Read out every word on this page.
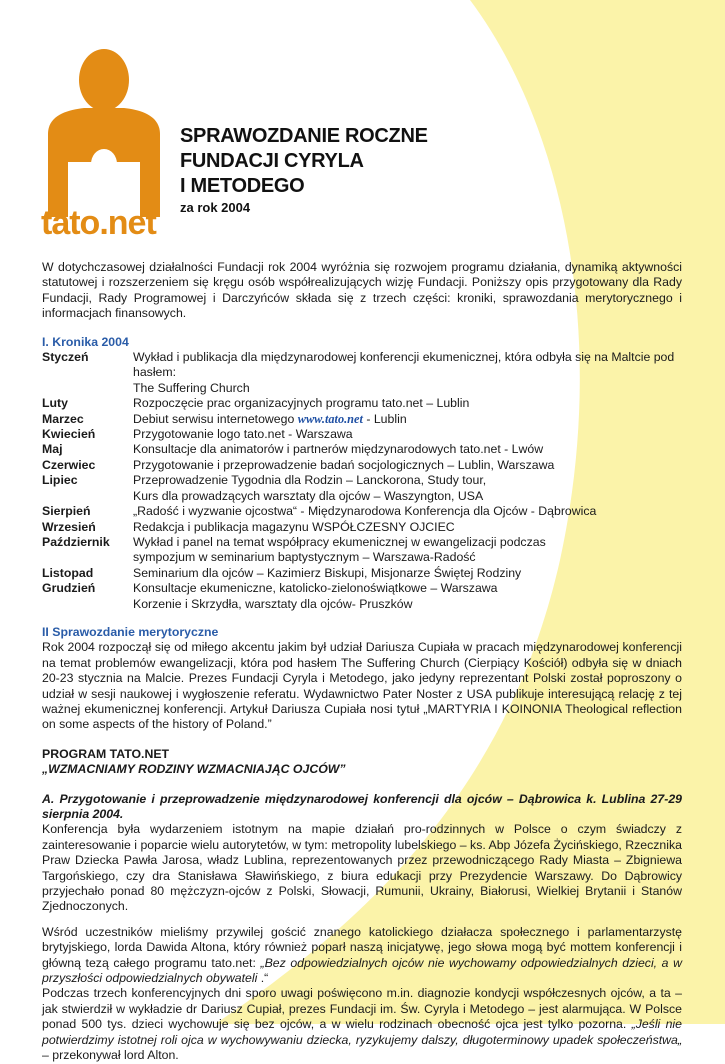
tato.net
SPRAWOZDANIE ROCZNE
FUNDACJI CYRYLA
I METODEGO
za rok 2004

W dotychczasowej działalności Fundacji rok 2004 wyróżnia się rozwojem programu działania, dynamiką aktywności statutowej i rozszerzeniem się kręgu osób współrealizujących wizję Fundacji. Poniższy opis przygotowany dla Rady Fundacji, Rady Programowej i Darczyńców składa się z trzech części: kroniki, sprawozdania merytorycznego i informacjach finansowych.

I. Kronika 2004
Styczeń	Wykład i publikacja dla międzynarodowej konferencji ekumenicznej, która odbyła się na Maltcie pod hasłem:
The Suffering Church
Luty	Rozpoczęcie prac organizacyjnych programu tato.net – Lublin
Marzec	Debiut serwisu internetowego www.tato.net - Lublin
Kwiecień	Przygotowanie logo tato.net - Warszawa
Maj	Konsultacje dla animatorów i partnerów międzynarodowych tato.net - Lwów
Czerwiec	Przygotowanie i przeprowadzenie badań socjologicznych – Lublin, Warszawa
Lipiec	Przeprowadzenie Tygodnia dla Rodzin – Lanckorona, Study tour,
Kurs dla prowadzących warsztaty dla ojców – Waszyngton, USA
Sierpień	„Radość i wyzwanie ojcostwa“ - Międzynarodowa Konferencja dla Ojców - Dąbrowica
Wrzesień	Redakcja i publikacja magazynu WSPÓŁCZESNY OJCIEC
Październik	Wykład i panel na temat współpracy ekumenicznej w ewangelizacji podczas
sympozjum w seminarium baptystycznym – Warszawa-Radość
Listopad	Seminarium dla ojców – Kazimierz Biskupi, Misjonarze Świętej Rodziny
Grudzień	Konsultacje ekumeniczne, katolicko-zielonoświątkowe – Warszawa
Korzenie i Skrzydła, warsztaty dla ojców- Pruszków
II Sprawozdanie merytoryczne

Rok 2004 rozpoczął się od miłego akcentu jakim był udział Dariusza Cupiała w pracach międzynarodowej konferencji na temat problemów ewangelizacji, która pod hasłem The Suffering Church (Cierpiący Kościół) odbyła się w dniach 20-23 stycznia na Malcie. Prezes Fundacji Cyryla i Metodego, jako jedyny reprezentant Polski został poproszony o udział w sesji naukowej i wygłoszenie referatu. Wydawnictwo Pater Noster z USA publikuje interesującą relację z tej ważnej ekumenicznej konferencji. Artykuł Dariusza Cupiała nosi tytuł „MARTYRIA I KOINONIA Theological reflection on some aspects of the history of Poland.”

PROGRAM TATO.NET
„WZMACNIAMY RODZINY WZMACNIAJĄC OJCÓW”
A. Przygotowanie i przeprowadzenie międzynarodowej konferencji dla ojców – Dąbrowica k. Lublina 27-29 sierpnia 2004.

Konferencja była wydarzeniem istotnym na mapie działań pro-rodzinnych w Polsce o czym świadczy z zainteresowanie i poparcie wielu autorytetów, w tym: metropolity lubelskiego – ks. Abp Józefa Życińskiego, Rzecznika Praw Dziecka Pawła Jarosa, władz Lublina, reprezentowanych przez przewodniczącego Rady Miasta – Zbigniewa Targońskiego, czy dra Stanisława Sławińskiego, z biura edukacji przy Prezydencie Warszawy. Do Dąbrowicy przyjechało ponad 80 mężczyzn-ojców z Polski, Słowacji, Rumunii, Ukrainy, Białorusi, Wielkiej Brytanii i Stanów Zjednoczonych.

Wśród uczestników mieliśmy przywilej gościć znanego katolickiego działacza społecznego i parlamentarzystę brytyjskiego, lorda Dawida Altona, który również poparł naszą inicjatywę, jego słowa mogą być mottem konferencji i główną tezą całego programu tato.net: „Bez odpowiedzialnych ojców nie wychowamy odpowiedzialnych dzieci, a w przyszłości odpowiedzialnych obywateli .“

Podczas trzech konferencyjnych dni sporo uwagi poświęcono m.in. diagnozie kondycji współczesnych ojców, a ta – jak stwierdził w wykładzie dr Dariusz Cupiał, prezes Fundacji im. Św. Cyryla i Metodego – jest alarmująca. W Polsce ponad 500 tys. dzieci wychowuje się bez ojców, a w wielu rodzinach obecność ojca jest tylko pozorna. „Jeśli nie potwierdzimy istotnej roli ojca w wychowywaniu dziecka, ryzykujemy dalszy, długoterminowy upadek społeczeństwa„ – przekonywał lord Alton.
